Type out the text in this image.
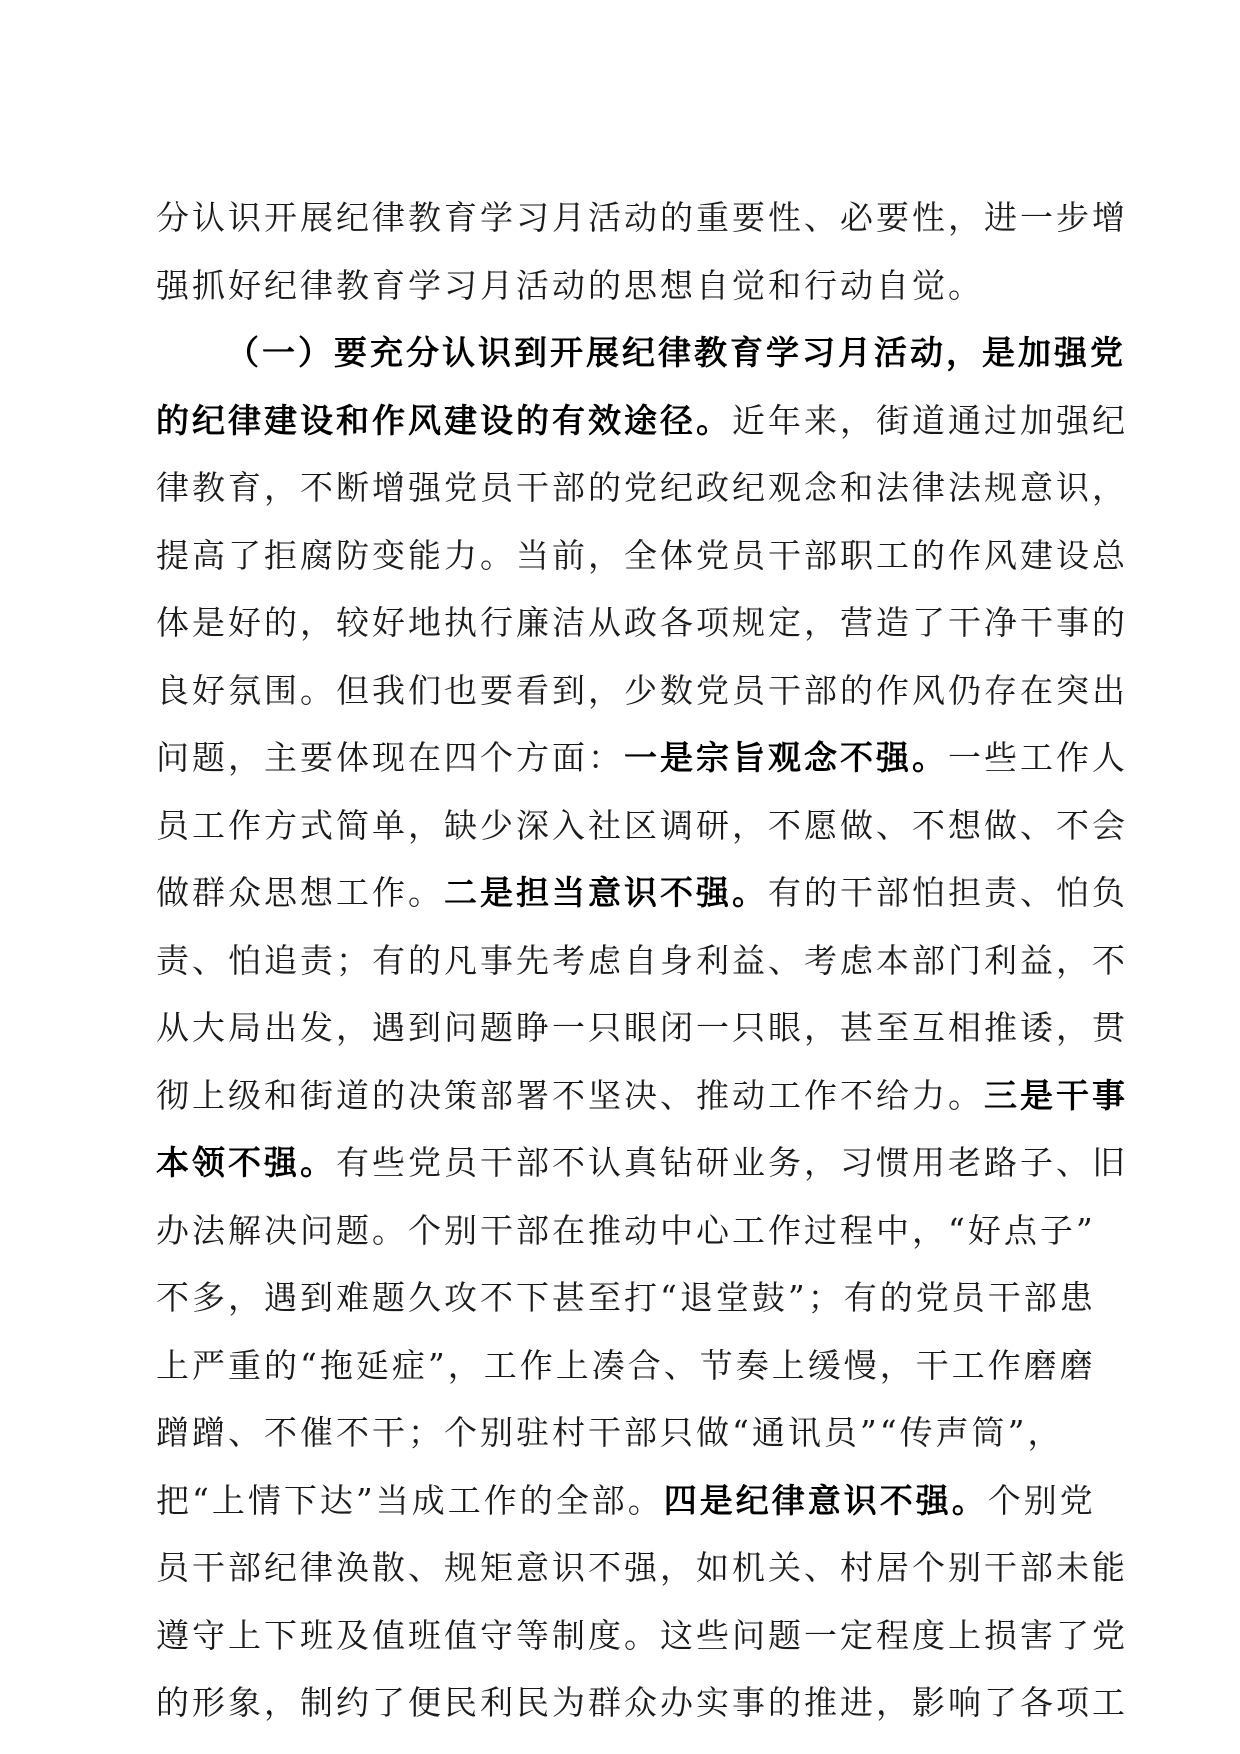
分认识开展纪律教育学习月活动的重要性、必要性，进一步增
强抓好纪律教育学习月活动的思想自觉和行动自觉。
（一）要充分认识到开展纪律教育学习月活动，是加强党
的纪律建设和作风建设的有效途径。近年来，街道通过加强纪
律教育，不断增强党员干部的党纪政纪观念和法律法规意识，
提高了拒腐防变能力。当前，全体党员干部职工的作风建设总
体是好的，较好地执行廉洁从政各项规定，营造了干净干事的
良好氛围。但我们也要看到，少数党员干部的作风仍存在突出
问题，主要体现在四个方面：一是宗旨观念不强。一些工作人
员工作方式简单，缺少深入社区调研，不愿做、不想做、不会
做群众思想工作。二是担当意识不强。有的干部怕担责、怕负
责、怕追责；有的凡事先考虑自身利益、考虑本部门利益，不
从大局出发，遇到问题睁一只眼闭一只眼，甚至互相推诿，贯
彻上级和街道的决策部署不坚决、推动工作不给力。三是干事
本领不强。有些党员干部不认真钻研业务，习惯用老路子、旧
办法解决问题。个别干部在推动中心工作过程中，“好点子”
不多，遇到难题久攻不下甚至打“退堂鼓”；有的党员干部患
上严重的“拖延症”，工作上凑合、节奏上缓慢，干工作磨磨
蹭蹭、不催不干；个别驻村干部只做“通讯员”“传声筒”，
把“上情下达”当成工作的全部。四是纪律意识不强。个别党
员干部纪律涣散、规矩意识不强，如机关、村居个别干部未能
遵守上下班及值班值守等制度。这些问题一定程度上损害了党
的形象，制约了便民利民为群众办实事的推进，影响了各项工
